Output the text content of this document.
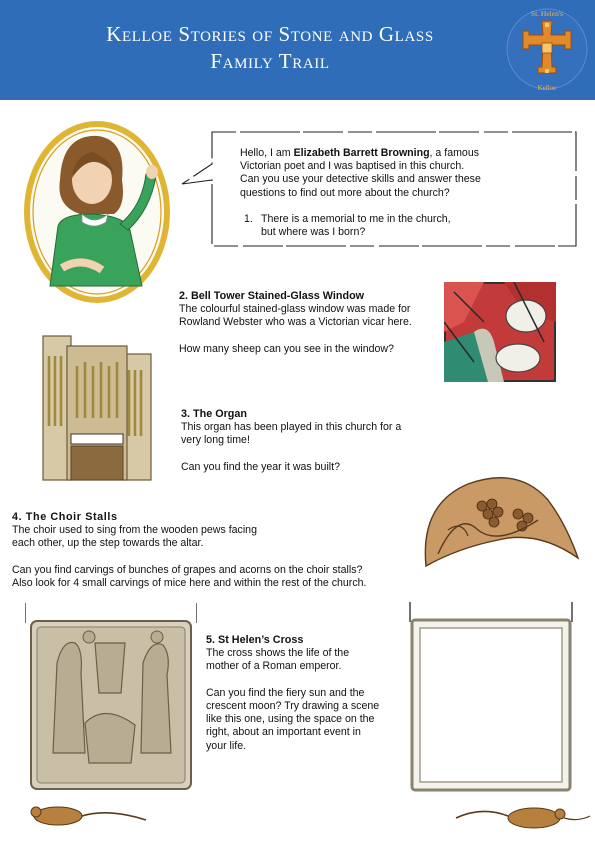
Kelloe Stories of Stone and Glass
Family Trail
St. Helen's
Kelloe

Hello, I am Elizabeth Barrett Browning, a famous
Victorian poet and I was baptised in this church.
Can you use your detective skills and answer these
questions to find out more about the church?

1. There is a memorial to me in the church,
but where was I born?

2. Bell Tower Stained-Glass Window
The colourful stained-glass window was made for
Rowland Webster who was a Victorian vicar here.

How many sheep can you see in the window?

3. The Organ
This organ has been played in this church for a
very long time!

Can you find the year it was built?

4. The Choir Stalls
The choir used to sing from the wooden pews facing
each other, up the step towards the altar.

Can you find carvings of bunches of grapes and acorns on the choir stalls?
Also look for 4 small carvings of mice here and within the rest of the church.

5. St Helen’s Cross
The cross shows the life of the
mother of a Roman emperor.

Can you find the fiery sun and the
crescent moon? Try drawing a scene
like this one, using the space on the
right, about an important event in
your life.
